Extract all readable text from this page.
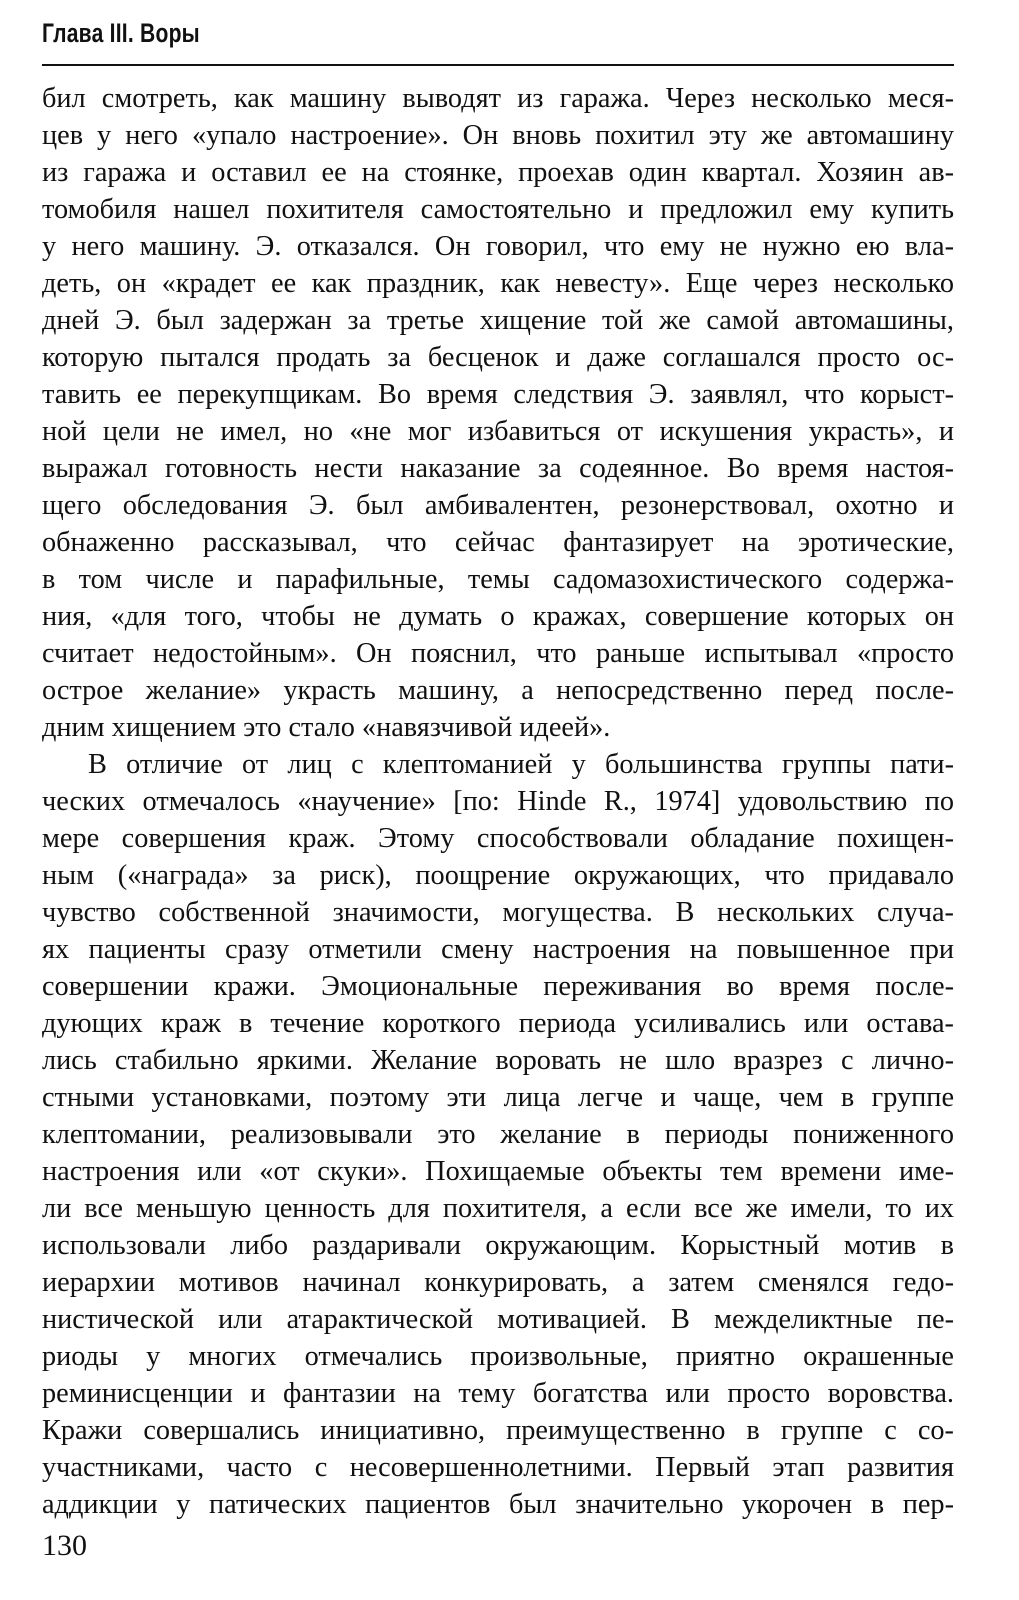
Глава III. Воры
бил смотреть, как машину выводят из гаража. Через несколько меся-
цев у него «упало настроение». Он вновь похитил эту же автомашину
из гаража и оставил ее на стоянке, проехав один квартал. Хозяин ав-
томобиля нашел похитителя самостоятельно и предложил ему купить
у него машину. Э. отказался. Он говорил, что ему не нужно ею вла-
деть, он «крадет ее как праздник, как невесту». Еще через несколько
дней Э. был задержан за третье хищение той же самой автомашины,
которую пытался продать за бесценок и даже соглашался просто ос-
тавить ее перекупщикам. Во время следствия Э. заявлял, что корыст-
ной цели не имел, но «не мог избавиться от искушения украсть», и
выражал готовность нести наказание за содеянное. Во время настоя-
щего обследования Э. был амбивалентен, резонерствовал, охотно и
обнаженно рассказывал, что сейчас фантазирует на эротические,
в том числе и парафильные, темы садомазохистического содержа-
ния, «для того, чтобы не думать о кражах, совершение которых он
считает недостойным». Он пояснил, что раньше испытывал «просто
острое желание» украсть машину, а непосредственно перед после-
дним хищением это стало «навязчивой идеей».
В отличие от лиц с клептоманией у большинства группы пати-
ческих отмечалось «научение» [по: Hinde R., 1974] удовольствию по
мере совершения краж. Этому способствовали обладание похищен-
ным («награда» за риск), поощрение окружающих, что придавало
чувство собственной значимости, могущества. В нескольких случа-
ях пациенты сразу отметили смену настроения на повышенное при
совершении кражи. Эмоциональные переживания во время после-
дующих краж в течение короткого периода усиливались или остава-
лись стабильно яркими. Желание воровать не шло вразрез с лично-
стными установками, поэтому эти лица легче и чаще, чем в группе
клептомании, реализовывали это желание в периоды пониженного
настроения или «от скуки». Похищаемые объекты тем времени име-
ли все меньшую ценность для похитителя, а если все же имели, то их
использовали либо раздаривали окружающим. Корыстный мотив в
иерархии мотивов начинал конкурировать, а затем сменялся гедо-
нистической или атарактической мотивацией. В межделиктные пе-
риоды у многих отмечались произвольные, приятно окрашенные
реминисценции и фантазии на тему богатства или просто воровства.
Кражи совершались инициативно, преимущественно в группе с со-
участниками, часто с несовершеннолетними. Первый этап развития
аддикции у патических пациентов был значительно укорочен в пер-
130
